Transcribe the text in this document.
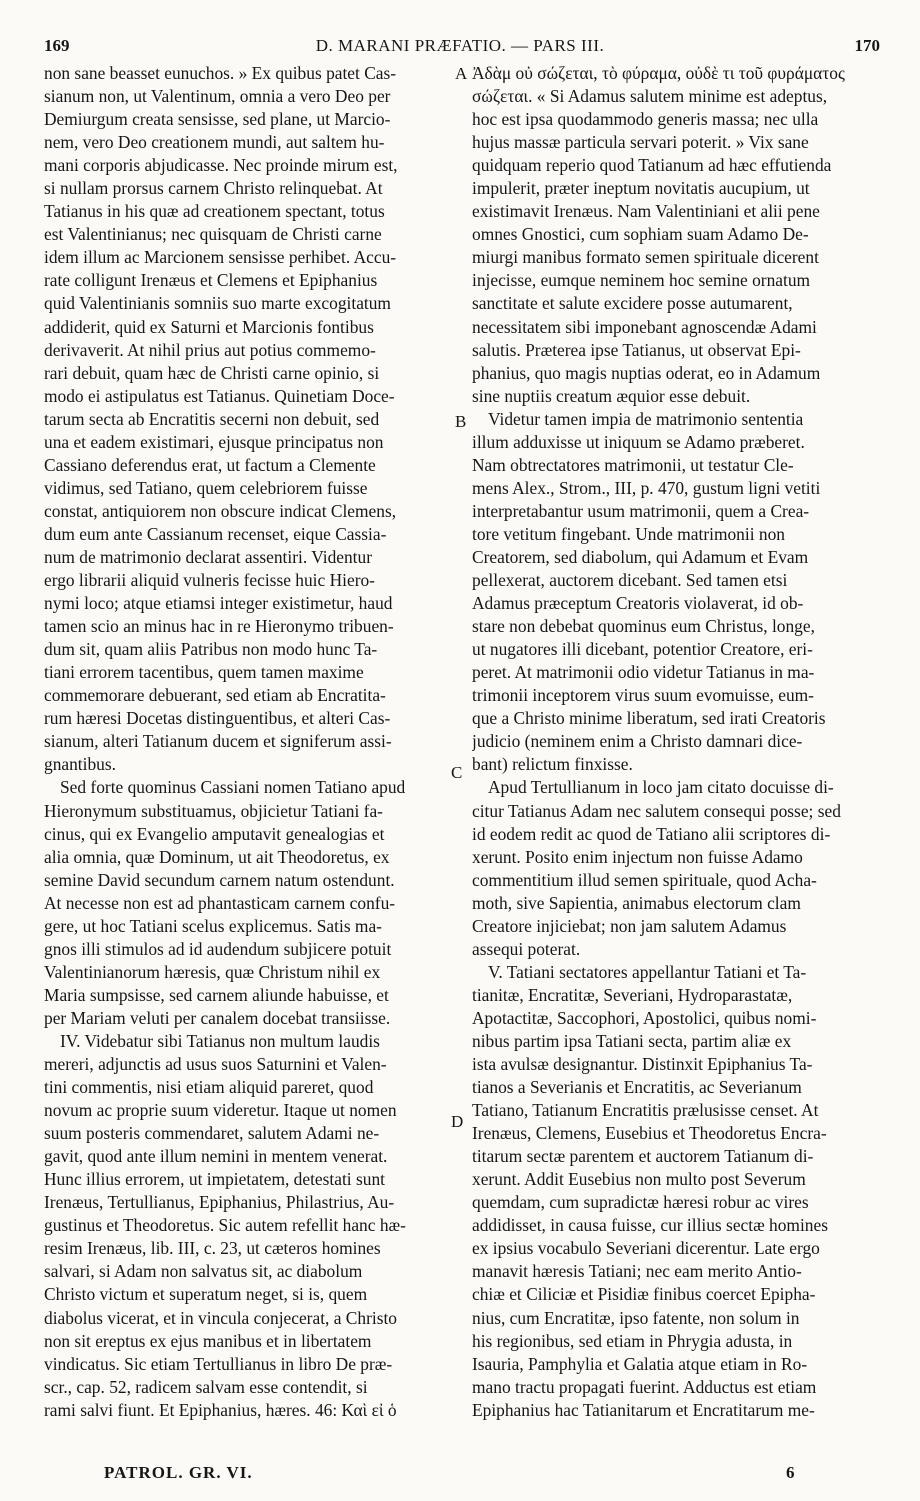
169	D. MARANI PRÆFATIO. — PARS III.	170
non sane beasset eunuchos. » Ex quibus patet Cas-
sianum non, ut Valentinum, omnia a vero Deo per
Demiurgum creata sensisse, sed plane, ut Marcio-
nem, vero Deo creationem mundi, aut saltem hu-
mani corporis abjudicasse. Nec proinde mirum est,
si nullam prorsus carnem Christo relinquebat. At
Tatianus in his quæ ad creationem spectant, totus
est Valentinianus; nec quisquam de Christi carne
idem illum ac Marcionem sensisse perhibet. Accu-
rate colligunt Irenæus et Clemens et Epiphanius
quid Valentinianis somniis suo marte excogitatum
addiderit, quid ex Saturni et Marcionis fontibus
derivaverit. At nihil prius aut potius commemo-
rari debuit, quam hæc de Christi carne opinio, si
modo ei astipulatus est Tatianus. Quinetiam Doce-
tarum secta ab Encratitis secerni non debuit, sed
una et eadem existimari, ejusque principatus non
Cassiano deferendus erat, ut factum a Clemente
vidimus, sed Tatiano, quem celebriorem fuisse
constat, antiquiorem non obscure indicat Clemens,
dum eum ante Cassianum recenset, eique Cassia-
num de matrimonio declarat assentiri. Videntur
ergo librarii aliquid vulneris fecisse huic Hiero-
nymi loco; atque etiamsi integer existimetur, haud
tamen scio an minus hac in re Hieronymo tribuen-
dum sit, quam aliis Patribus non modo hunc Ta-
tiani errorem tacentibus, quem tamen maxime
commemorare debuerant, sed etiam ab Encratita-
rum hæresi Docetas distinguentibus, et alteri Cas-
sianum, alteri Tatianum ducem et signiferum assi-
gnantibus.
Sed forte quominus Cassiani nomen Tatiano apud
Hieronymum substituamus, objicietur Tatiani fa-
cinus, qui ex Evangelio amputavit genealogias et
alia omnia, quæ Dominum, ut ait Theodoretus, ex
semine David secundum carnem natum ostendunt.
At necesse non est ad phantasticam carnem confu-
gere, ut hoc Tatiani scelus explicemus. Satis ma-
gnos illi stimulos ad id audendum subjicere potuit
Valentinianorum hæresis, quæ Christum nihil ex
Maria sumpsisse, sed carnem aliunde habuisse, et
per Mariam veluti per canalem docebat transiisse.
IV. Videbatur sibi Tatianus non multum laudis
mereri, adjunctis ad usus suos Saturnini et Valen-
tini commentis, nisi etiam aliquid pareret, quod
novum ac proprie suum videretur. Itaque ut nomen
suum posteris commendaret, salutem Adami ne-
gavit, quod ante illum nemini in mentem venerat.
Hunc illius errorem, ut impietatem, detestati sunt
Irenæus, Tertullianus, Epiphanius, Philastrius, Au-
gustinus et Theodoretus. Sic autem refellit hanc hæ-
resim Irenæus, lib. III, c. 23, ut cæteros homines
salvari, si Adam non salvatus sit, ac diabolum
Christo victum et superatum neget, si is, quem
diabolus vicerat, et in vincula conjecerat, a Christo
non sit ereptus ex ejus manibus et in libertatem
vindicatus. Sic etiam Tertullianus in libro De præ-
scr., cap. 52, radicem salvam esse contendit, si
rami salvi fiunt. Et Epiphanius, hæres. 46: Καὶ εἰ ὁ
Ἀδὰμ οὐ σώζεται, τὸ φύραμα, οὐδὲ τι τοῦ φυράματος
σώζεται. « Si Adamus salutem minime est adeptus,
hoc est ipsa quodammodo generis massa; nec ulla
hujus massæ particula servari poterit. » Vix sane
quidquam reperio quod Tatianum ad hæc effutienda
impulerit, præter ineptum novitatis aucupium, ut
existimavit Irenæus. Nam Valentiniani et alii pene
omnes Gnostici, cum sophiam suam Adamo De-
miurgi manibus formato semen spirituale dicerent
injecisse, eumque neminem hoc semine ornatum
sanctitate et salute excidere posse autumarent,
necessitatem sibi imponebant agnoscendæ Adami
salutis. Præterea ipse Tatianus, ut observat Epi-
phanius, quo magis nuptias oderat, eo in Adamum
sine nuptiis creatum æquior esse debuit.
Videtur tamen impia de matrimonio sententia
illum adduxisse ut iniquum se Adamo præberet.
Nam obtrectatores matrimonii, ut testatur Cle-
mens Alex., Strom., III, p. 470, gustum ligni vetiti
interpretabantur usum matrimonii, quem a Crea-
tore vetitum fingebant. Unde matrimonii non
Creatorem, sed diabolum, qui Adamum et Evam
pellexerat, auctorem dicebant. Sed tamen etsi
Adamus præceptum Creatoris violaverat, id ob-
stare non debebat quominus eum Christus, longe,
ut nugatores illi dicebant, potentior Creatore, eri-
peret. At matrimonii odio videtur Tatianus in ma-
trimonii inceptorem virus suum evomuisse, eum-
que a Christo minime liberatum, sed irati Creatoris
judicio (neminem enim a Christo damnari dice-
bant) relictum finxisse.
Apud Tertullianum in loco jam citato docuisse di-
citur Tatianus Adam nec salutem consequi posse; sed
id eodem redit ac quod de Tatiano alii scriptores di-
xerunt. Posito enim injectum non fuisse Adamo
commentitium illud semen spirituale, quod Acha-
moth, sive Sapientia, animabus electorum clam
Creatore injiciebat; non jam salutem Adamus
assequi poterat.
V. Tatiani sectatores appellantur Tatiani et Ta-
tianitæ, Encratitæ, Severiani, Hydroparastatæ,
Apotactitæ, Saccophori, Apostolici, quibus nomi-
nibus partim ipsa Tatiani secta, partim aliæ ex
ista avulsæ designantur. Distinxit Epiphanius Ta-
tianos a Severianis et Encratitis, ac Severianum
Tatiano, Tatianum Encratitis prælusisse censet. At
Irenæus, Clemens, Eusebius et Theodoretus Encra-
titarum sectæ parentem et auctorem Tatianum di-
xerunt. Addit Eusebius non multo post Severum
quemdam, cum supradictæ hæresi robur ac vires
addidisset, in causa fuisse, cur illius sectæ homines
ex ipsius vocabulo Severiani dicerentur. Late ergo
manavit hæresis Tatiani; nec eam merito Antio-
chiæ et Ciliciæ et Pisidiæ finibus coercet Epipha-
nius, cum Encratitæ, ipso fatente, non solum in
his regionibus, sed etiam in Phrygia adusta, in
Isauria, Pamphylia et Galatia atque etiam in Ro-
mano tractu propagati fuerint. Adductus est etiam
Epiphanius hac Tatianitarum et Encratitarum me-
A
B
C
D
PATROL. GR. VI.	6
